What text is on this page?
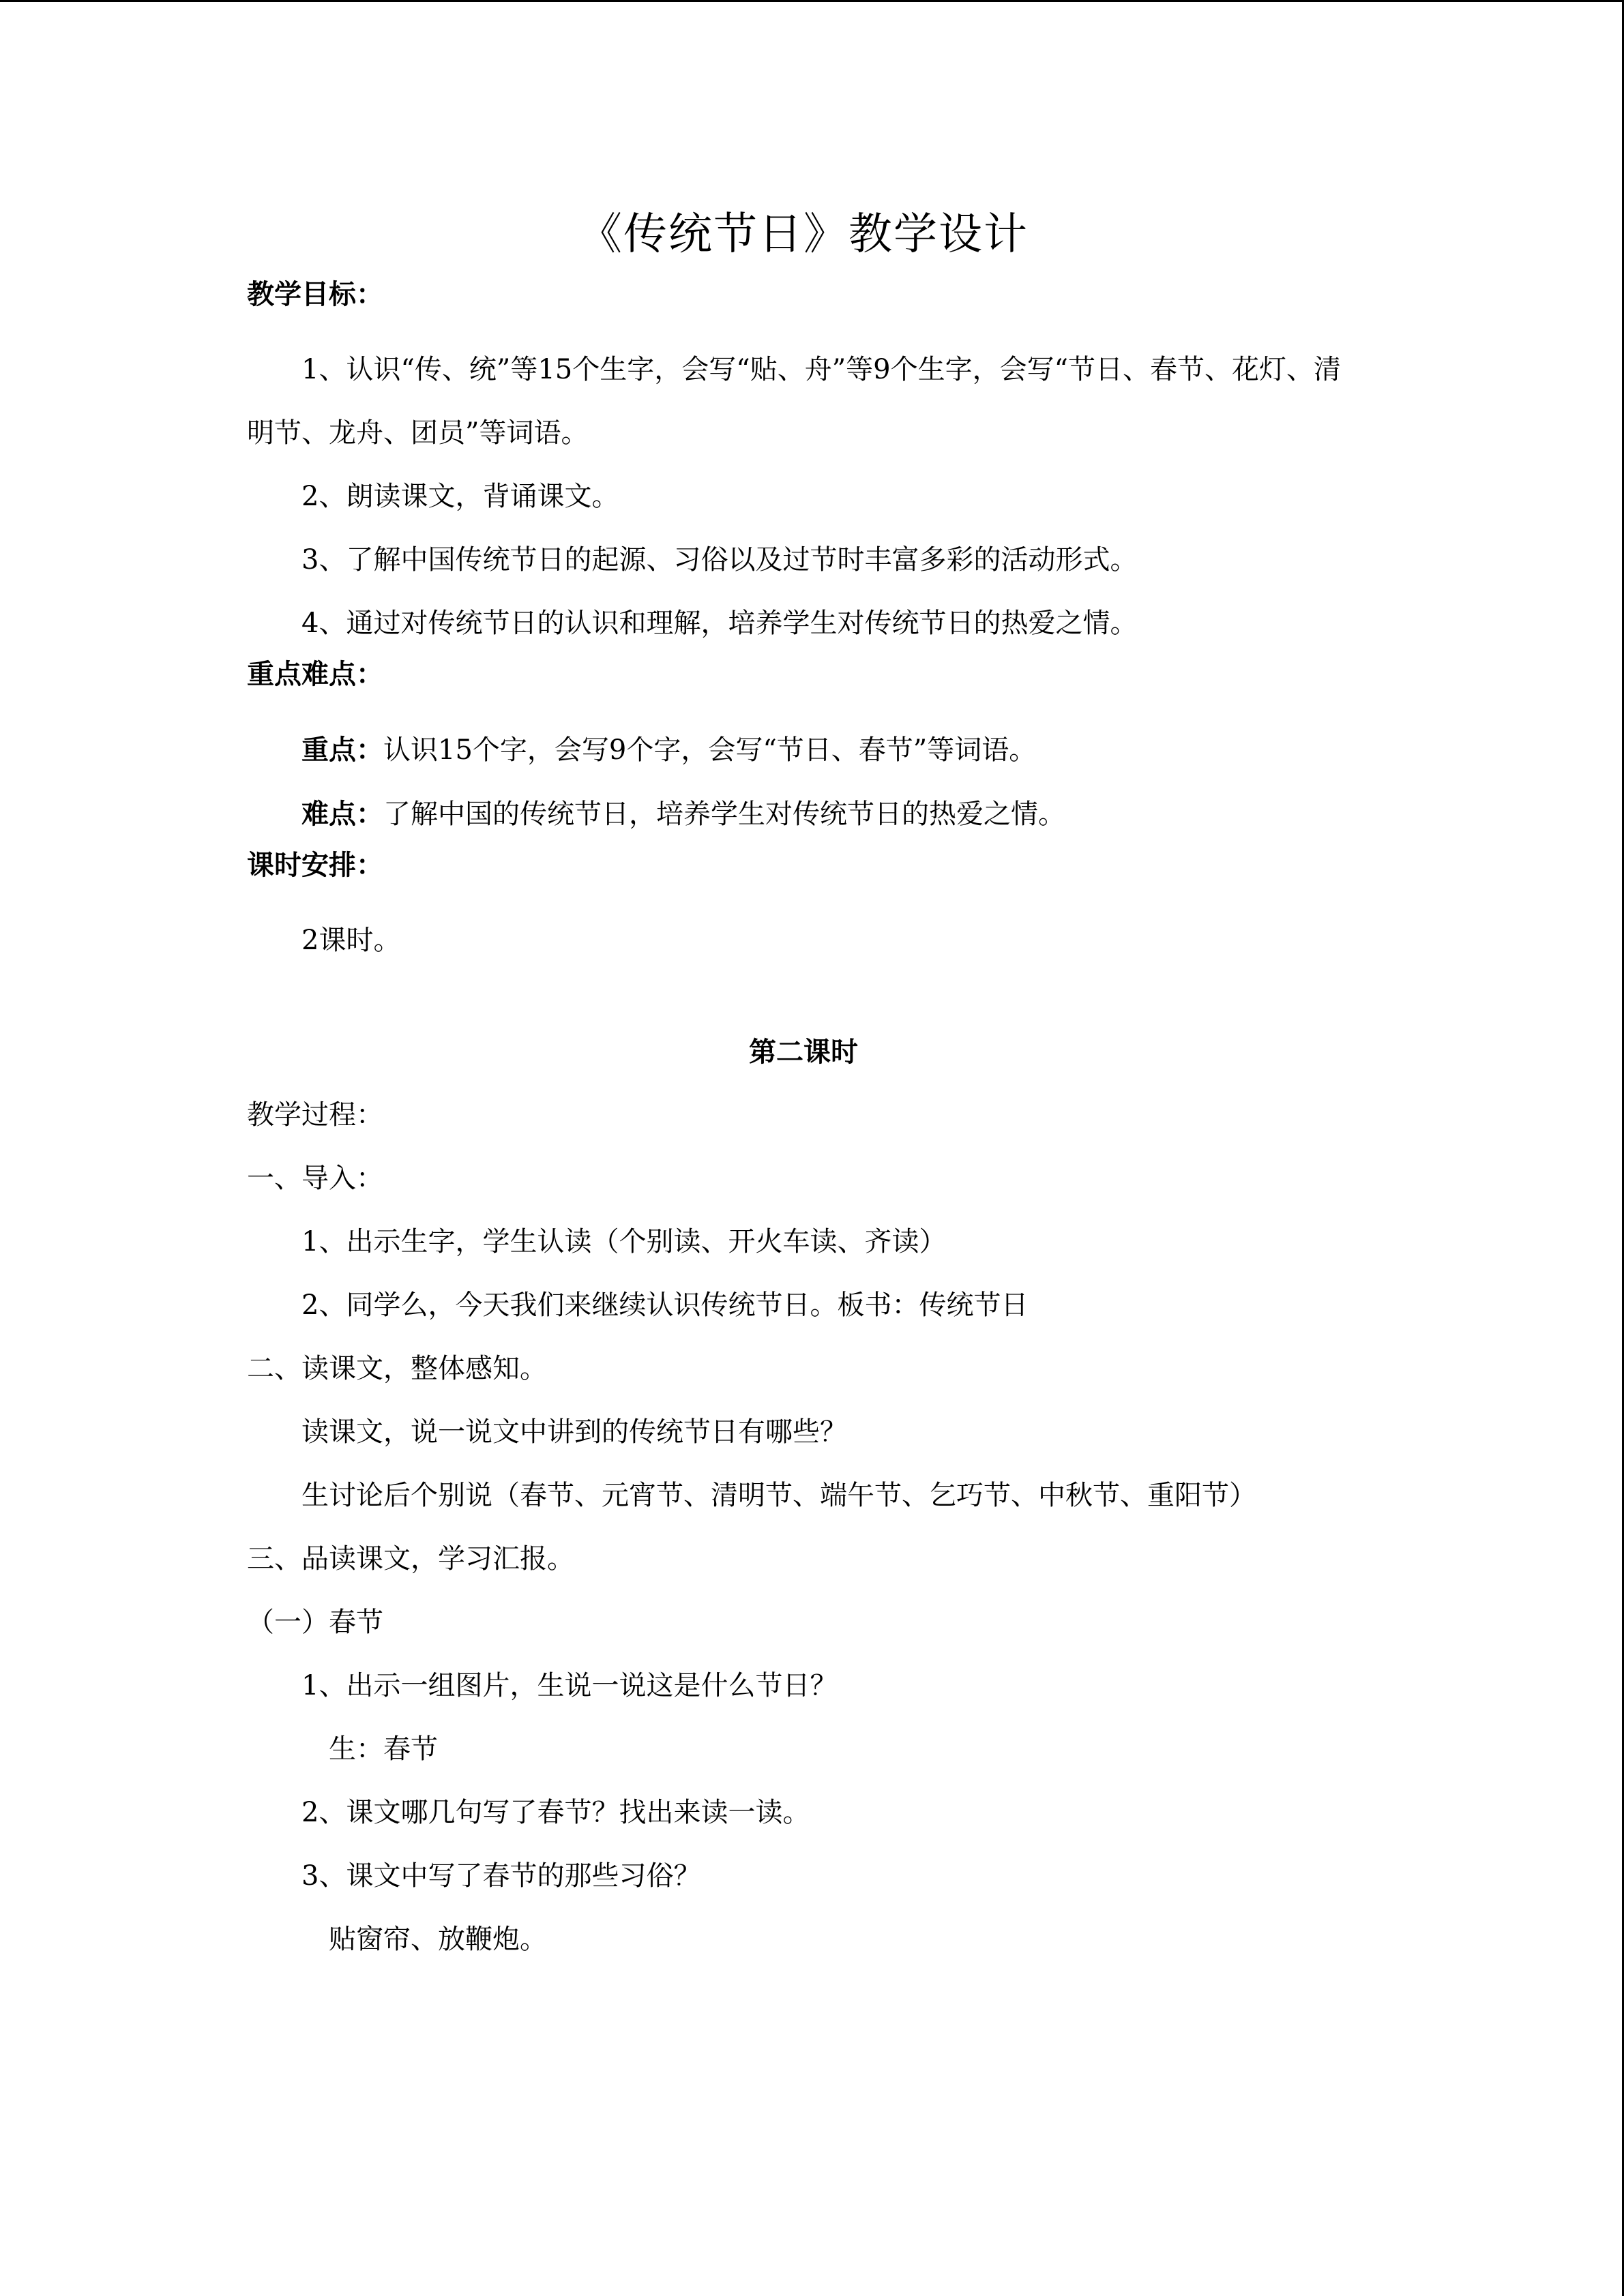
《传统节日》教学设计
教学目标：

1、认识“传、统”等15个生字，会写“贴、舟”等9个生字，会写“节日、春节、花灯、清明节、龙舟、团员”等词语。

2、朗读课文，背诵课文。

3、了解中国传统节日的起源、习俗以及过节时丰富多彩的活动形式。

4、通过对传统节日的认识和理解，培养学生对传统节日的热爱之情。

重点难点：

重点：认识15个字，会写9个字，会写“节日、春节”等词语。

难点：了解中国的传统节日，培养学生对传统节日的热爱之情。

课时安排：

2课时。

第二课时

教学过程：

一、导入：

1、出示生字，学生认读（个别读、开火车读、齐读）

2、同学么，今天我们来继续认识传统节日。板书：传统节日

二、读课文，整体感知。

读课文，说一说文中讲到的传统节日有哪些？

生讨论后个别说（春节、元宵节、清明节、端午节、乞巧节、中秋节、重阳节）

三、品读课文，学习汇报。

（一）春节

1、出示一组图片，生说一说这是什么节日？

生：春节

2、课文哪几句写了春节？找出来读一读。

3、课文中写了春节的那些习俗？

贴窗帘、放鞭炮。
